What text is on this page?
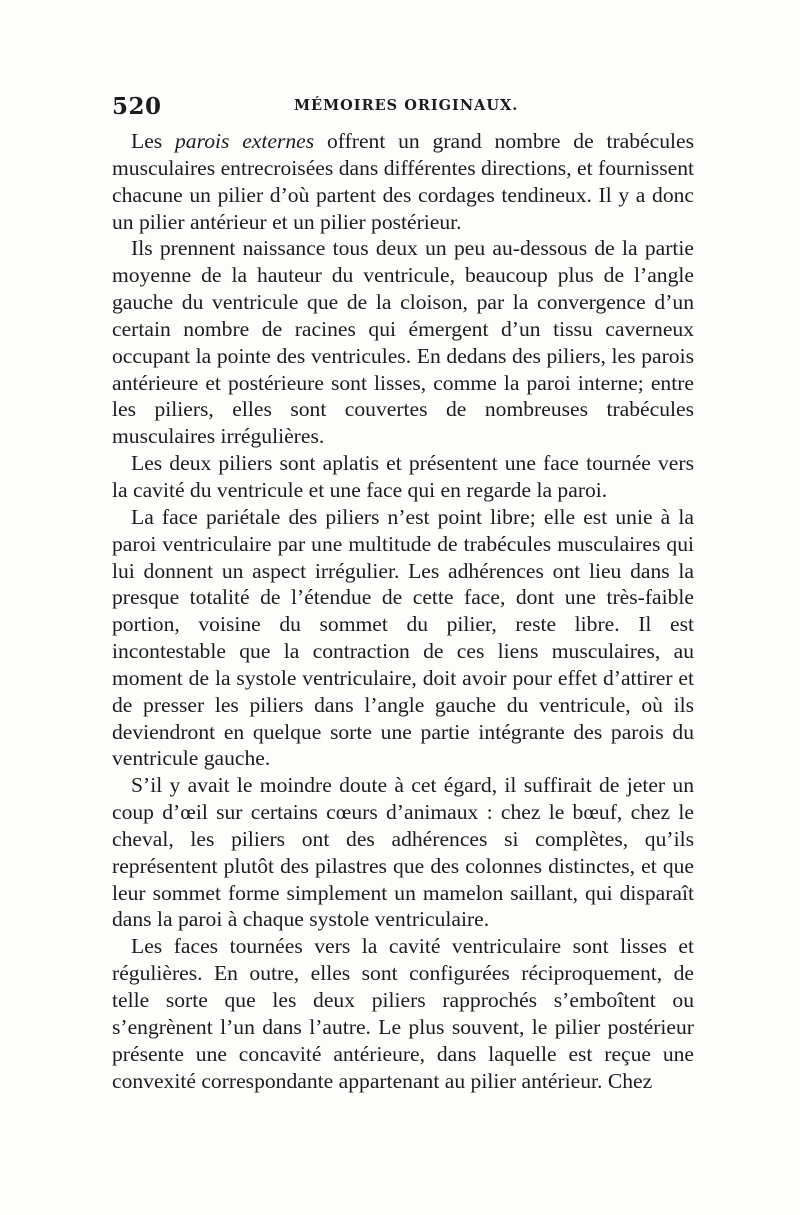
520	MÉMOIRES ORIGINAUX.

Les parois externes offrent un grand nombre de trabécules musculaires entrecroisées dans différentes directions, et fournissent chacune un pilier d’où partent des cordages tendineux. Il y a donc un pilier antérieur et un pilier postérieur.

Ils prennent naissance tous deux un peu au-dessous de la partie moyenne de la hauteur du ventricule, beaucoup plus de l’angle gauche du ventricule que de la cloison, par la convergence d’un certain nombre de racines qui émergent d’un tissu caverneux occupant la pointe des ventricules. En dedans des piliers, les parois antérieure et postérieure sont lisses, comme la paroi interne; entre les piliers, elles sont couvertes de nombreuses trabécules musculaires irrégulières.

Les deux piliers sont aplatis et présentent une face tournée vers la cavité du ventricule et une face qui en regarde la paroi.

La face pariétale des piliers n’est point libre; elle est unie à la paroi ventriculaire par une multitude de trabécules musculaires qui lui donnent un aspect irrégulier. Les adhérences ont lieu dans la presque totalité de l’étendue de cette face, dont une très-faible portion, voisine du sommet du pilier, reste libre. Il est incontestable que la contraction de ces liens musculaires, au moment de la systole ventriculaire, doit avoir pour effet d’attirer et de presser les piliers dans l’angle gauche du ventricule, où ils deviendront en quelque sorte une partie intégrante des parois du ventricule gauche.

S’il y avait le moindre doute à cet égard, il suffirait de jeter un coup d’œil sur certains cœurs d’animaux : chez le bœuf, chez le cheval, les piliers ont des adhérences si complètes, qu’ils représentent plutôt des pilastres que des colonnes distinctes, et que leur sommet forme simplement un mamelon saillant, qui disparaît dans la paroi à chaque systole ventriculaire.

Les faces tournées vers la cavité ventriculaire sont lisses et régulières. En outre, elles sont configurées réciproquement, de telle sorte que les deux piliers rapprochés s’emboîtent ou s’engrènent l’un dans l’autre. Le plus souvent, le pilier postérieur présente une concavité antérieure, dans laquelle est reçue une convexité correspondante appartenant au pilier antérieur. Chez
